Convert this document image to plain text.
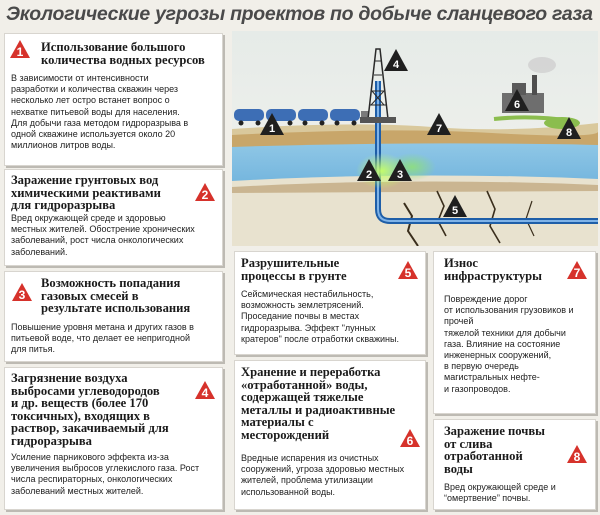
Экологические угрозы проектов по добыче сланцевого газа
1 Использование большого
количества водных ресурсов
В зависимости от интенсивности
разработки и количества скважин через
несколько лет остро встанет вопрос о
нехватке питьевой воды для населения.
Для добычи газа методом гидроразрыва в
одной скважине используется около 20
миллионов литров воды.
Заражение грунтовых вод
химическими реактивами
для гидроразрыва
2
Вред окружающей среде и здоровью
местных жителей. Обострение хронических
заболеваний, рост числа онкологических
заболеваний.
3
Возможность попадания
газовых смесей в
результате использования
Повышение уровня метана и других газов в
питьевой воде, что делает ее непригодной
для питья.
Загрязнение воздуха
выбросами углеводородов
и др. веществ (более 170
токсичных), входящих в
раствор, закачиваемый для
гидроразрыва
4
Усиление парникового эффекта из-за
увеличения выбросов углекислого газа. Рост
числа респираторных, онкологических
заболеваний местных жителей.
1
2 3
4
5
6
7	8
Разрушительные
процессы в грунте	5
Сейсмическая нестабильность,
возможность землетрясений.
Проседание почвы в местах
гидроразрыва. Эффект "лунных
кратеров" после отработки скважины.
Хранение и переработка
«отработанной» воды,
содержащей тяжелые
металлы и радиоактивные
материалы с
месторождений	6
Вредные испарения из очистных
сооружений, угроза здоровью местных
жителей, проблема утилизации
использованной воды.
Износ
инфраструктуры	7
Повреждение дорог
от использования грузовиков и
прочей
тяжелой техники для добычи
газа. Влияние на состояние
инженерных сооружений,
в первую очередь
магистральных нефте-
и газопроводов.
Заражение почвы
от слива
отработанной
воды
8
Вред окружающей среде и
“омертвение” почвы.
